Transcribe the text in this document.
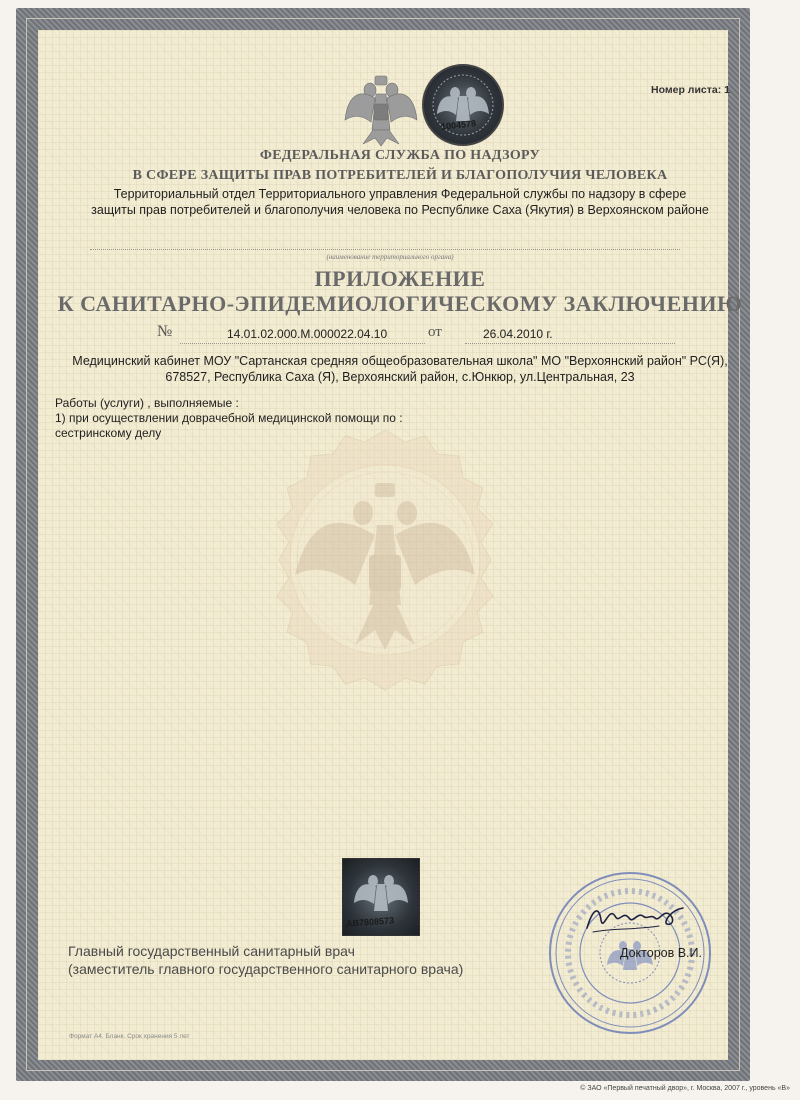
1004578
Номер листа: 1
ФЕДЕРАЛЬНАЯ СЛУЖБА ПО НАДЗОРУ
В СФЕРЕ ЗАЩИТЫ ПРАВ ПОТРЕБИТЕЛЕЙ И БЛАГОПОЛУЧИЯ ЧЕЛОВЕКА
Территориальный отдел Территориального управления Федеральной службы по надзору в сфере
защиты прав потребителей и благополучия человека по Республике Саха (Якутия) в Верхоянском районе
(наименование территориального органа)
ПРИЛОЖЕНИЕ
К САНИТАРНО-ЭПИДЕМИОЛОГИЧЕСКОМУ ЗАКЛЮЧЕНИЮ
№	14.01.02.000.М.000022.04.10	от	26.04.2010 г.
Медицинский кабинет МОУ "Сартанская средняя общеобразовательная школа" МО "Верхоянский район" РС(Я),
678527, Республика Саха (Я), Верхоянский район, с.Юнкюр, ул.Центральная, 23
Работы (услуги) , выполняемые :
1) при осуществлении доврачебной медицинской помощи по :
сестринскому делу
АВ7808573
Главный государственный санитарный врач
(заместитель главного государственного санитарного врача)
Докторов В.И.
Формат А4. Бланк. Срок хранения 5 лет
© ЗАО «Первый печатный двор», г. Москва, 2007 г., уровень «В»
